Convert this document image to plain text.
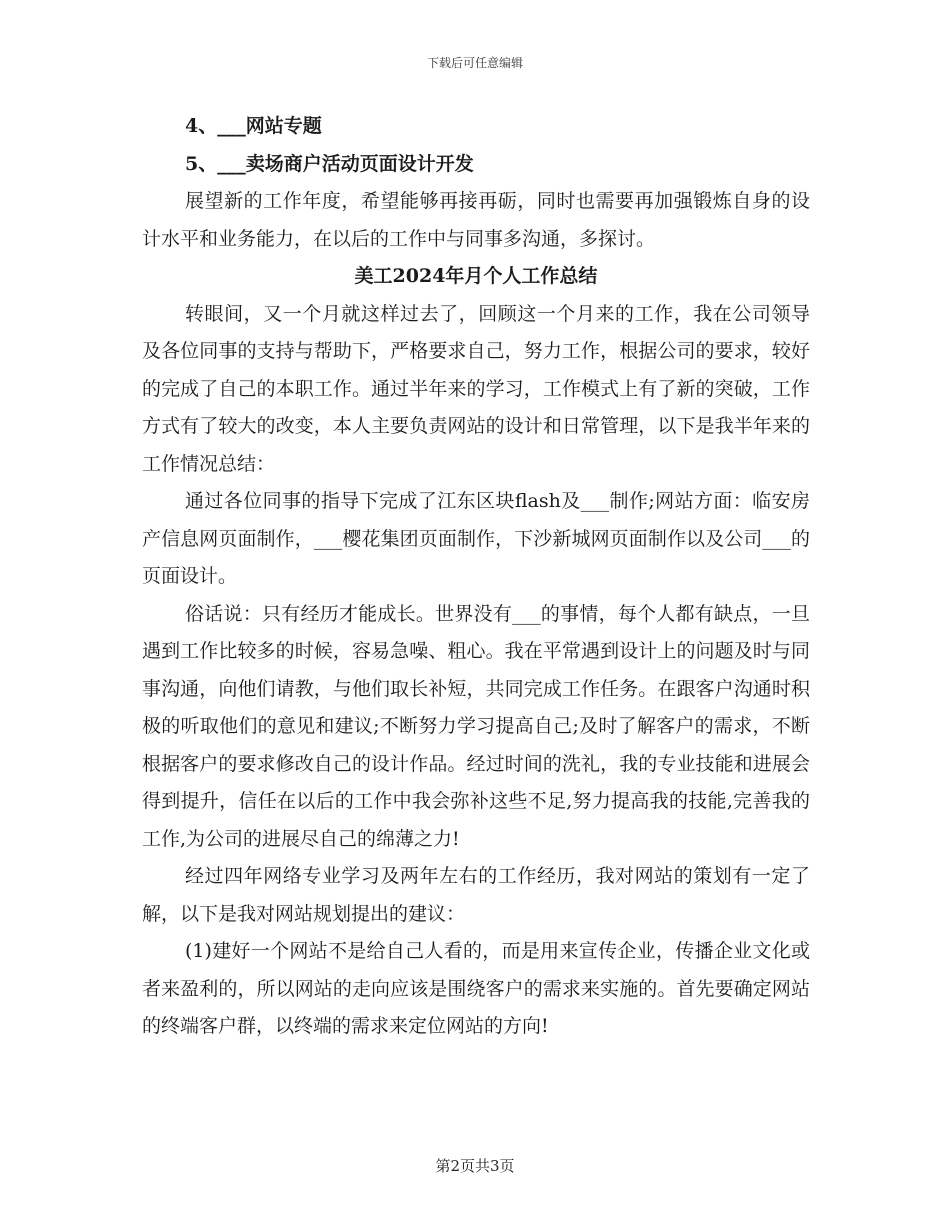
下载后可任意编辑

4、___网站专题

5、___卖场商户活动页面设计开发

展望新的工作年度，希望能够再接再砺，同时也需要再加强锻炼自身的设计水平和业务能力，在以后的工作中与同事多沟通，多探讨。

美工2024年月个人工作总结

转眼间，又一个月就这样过去了，回顾这一个月来的工作，我在公司领导及各位同事的支持与帮助下，严格要求自己，努力工作，根据公司的要求，较好的完成了自己的本职工作。通过半年来的学习，工作模式上有了新的突破，工作方式有了较大的改变，本人主要负责网站的设计和日常管理，以下是我半年来的工作情况总结：

通过各位同事的指导下完成了江东区块flash及___制作;网站方面：临安房产信息网页面制作，___樱花集团页面制作，下沙新城网页面制作以及公司___的页面设计。

俗话说：只有经历才能成长。世界没有___的事情，每个人都有缺点，一旦遇到工作比较多的时候，容易急噪、粗心。我在平常遇到设计上的问题及时与同事沟通，向他们请教，与他们取长补短，共同完成工作任务。在跟客户沟通时积极的听取他们的意见和建议;不断努力学习提高自己;及时了解客户的需求，不断根据客户的要求修改自己的设计作品。经过时间的洗礼，我的专业技能和进展会得到提升，信任在以后的工作中我会弥补这些不足,努力提高我的技能,完善我的工作,为公司的进展尽自己的绵薄之力!

经过四年网络专业学习及两年左右的工作经历，我对网站的策划有一定了解，以下是我对网站规划提出的建议：

(1)建好一个网站不是给自己人看的，而是用来宣传企业，传播企业文化或者来盈利的，所以网站的走向应该是围绕客户的需求来实施的。首先要确定网站的终端客户群，以终端的需求来定位网站的方向!

第2页共3页
